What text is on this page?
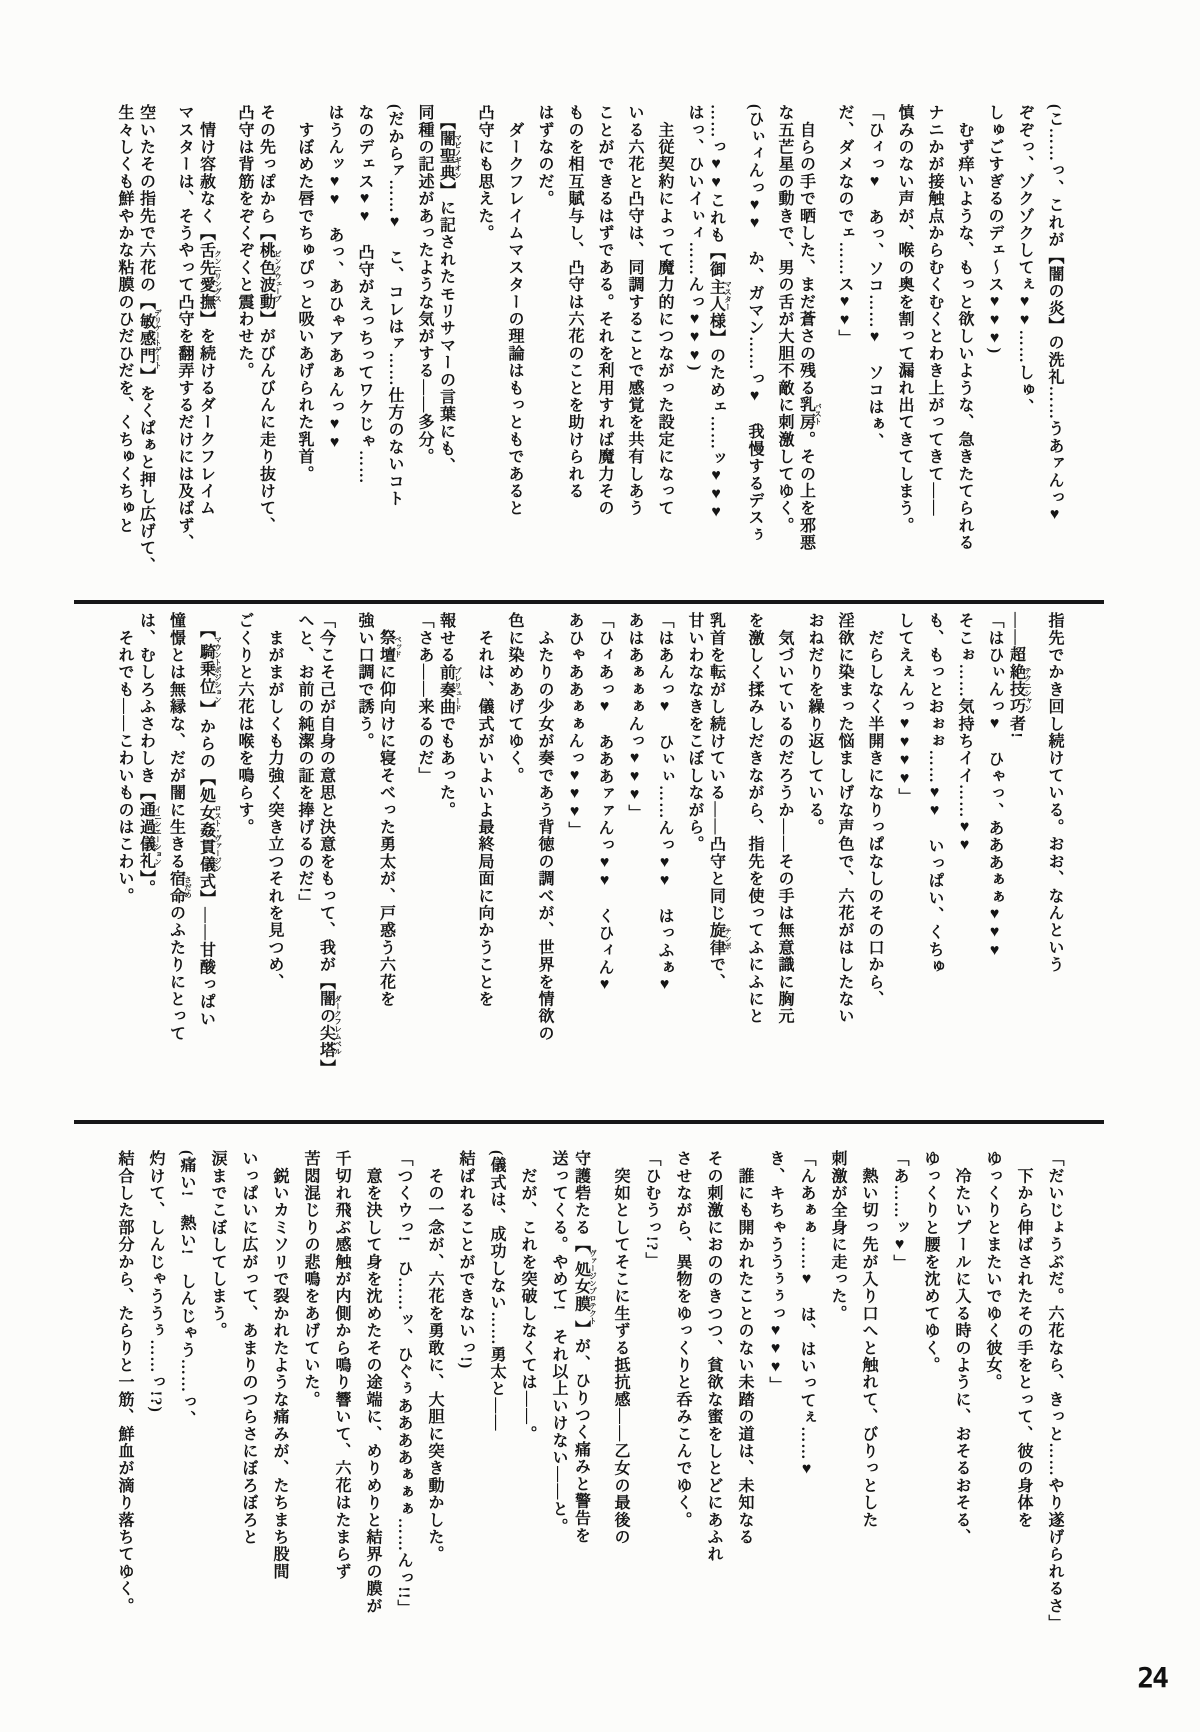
(こ……っ、これが【闇の炎】の洗礼……うあァんっ♥
ぞぞっ、ゾクゾクしてぇ♥♥……しゅ、
しゅごすぎるのデェ〜ス♥♥♥)
　むず痒いような、もっと欲しいような、急きたてられる
ナニかが接触点からむくむくとわき上がってきて――
慎みのない声が、喉の奥を割って漏れ出てきてしまう。
「ひィっ♥　あっ、ソコ……♥　ソコはぁ、
だ、ダメなのでェ……ス♥♥」
　自らの手で晒した、まだ蒼さの残る乳房 バスト。その上を邪悪
な五芒星の動きで、男の舌が大胆不敵に刺激してゆく。
(ひぃィんっ♥♥　か、ガマン……っ♥　我慢するデスぅ
……っ♥♥これも【御主人様 マスター】のためェ……ッ♥♥♥
はっ、ひいイぃィ……んっ♥♥♥)
　主従契約によって魔力的につながった設定になって
いる六花と凸守は、同調することで感覚を共有しあう
ことができるはずである。それを利用すれば魔力その
ものを相互賦与し、凸守は六花のことを助けられる
はずなのだ。
　ダークフレイムマスターの理論はもっともであると
凸守にも思えた。
　【闇聖典 マビノギオン】に記されたモリサマーの言葉にも、
同種の記述があったような気がする――多分。
(だからァ……♥　こ、コレはァ……仕方のないコト
なのデェス♥♥　凸守がえっちってワケじゃ……
はうんッ♥♥　あっ、あひゃアあぁんっ♥♥
　すぼめた唇でちゅぴっと吸いあげられた乳首。
その先っぽから【桃色波動 ピンクウェーブ】がびんびんに走り抜けて、
凸守は背筋をぞくぞくと震わせた。
　情け容赦なく【舌先愛撫 クンニリングス】を続けるダークフレイム
マスターは、そうやって凸守を翻弄するだけには及ばず、
空いたその指先で六花の【敏感門 デリケートゲート】をくぱぁと押し広げて、
生々しくも鮮やかな粘膜のひだひだを、くちゅくちゅと
指先でかき回し続けている。おお、なんという
――超絶技巧者 テクニシャン!
「はひぃんっ♥　ひゃっ、あああぁぁ♥♥♥
そこぉ……気持ちイイ……♥♥
も、もっとおぉぉ……♥♥　いっぱい、くちゅ
してえぇんっ♥♥♥♥」
　だらしなく半開きになりっぱなしのその口から、
淫欲に染まった悩ましげな声色で、六花がはしたない
おねだりを繰り返している。
　気づいているのだろうか――その手は無意識に胸元
を激しく揉みしだきながら、指先を使ってふにふにと
乳首を転がし続けている――凸守と同じ旋律 テンポで、
甘いわななきをこぼしながら。
「はあんっ♥　ひぃぃ……んっ♥♥　はっふぁ♥
あはあぁぁぁんっ♥♥♥」
「ひィあっ♥　あああァァんっ♥♥　くひィん♥
あひゃああぁぁんっ♥♥♥」
　ふたりの少女が奏であう背徳の調べが、世界を情欲の
色に染めあげてゆく。
　それは、儀式がいよいよ最終局面に向かうことを
報せる前奏曲 プレリュードでもあった。
「さあ――来るのだ」
　祭壇 ベッドに仰向けに寝そべった勇太が、戸惑う六花を
強い口調で誘う。
「今こそ己が自身の意思と決意をもって、我が【闇の尖塔 ダークフレムベル】
へと、お前の純潔の証を捧げるのだ!」
　まがまがしくも力強く突き立つそれを見つめ、
ごくりと六花は喉を鳴らす。
　【騎乗位 マウントポジション】からの【処女姦貫儀式 ロスト・ヴァージン】――甘酸っぱい
憧憬とは無縁な、だが闇に生きる宿命 さだめのふたりにとって
は、むしろふさわしき【通過儀礼 イニシエーション】。
　それでも――こわいものはこわい。
「だいじょうぶだ。六花なら、きっと……やり遂げられるさ」
　下から伸ばされたその手をとって、彼の身体を
ゆっくりとまたいでゆく彼女。
　冷たいプールに入る時のように、おそるおそる、
ゆっくりと腰を沈めてゆく。
「あ……ッ♥」
　熱い切っ先が入り口へと触れて、びりっとした
刺激が全身に走った。
「んあぁぁ……♥　は、はいってぇ……♥
き、キちゃううぅぅっ♥♥♥」
　誰にも開かれたことのない未踏の道は、未知なる
その刺激におののきつつ、貧欲な蜜をしとどにあふれ
させながら、異物をゆっくりと呑みこんでゆく。
「ひむうっ!?」
　突如としてそこに生ずる抵抗感――乙女の最後の
守護砦たる【処女膜 ヴァージンプロテクト】が、ひりつく痛みと警告を
送ってくる。やめて!　それ以上いけない――と。
　だが、これを突破しなくては――。
(儀式は、成功しない……勇太と――
結ばれることができないっ!)
　その一念が、六花を勇敢に、大胆に突き動かした。
「つくウっ!　ひ……ッ、ひぐぅああああぁぁぁ……んっ!!」
　意を決して身を沈めたその途端に、めりめりと結界の膜が
千切れ飛ぶ感触が内側から鳴り響いて、六花はたまらず
苦悶混じりの悲鳴をあげていた。
　鋭いカミソリで裂かれたような痛みが、たちまち股間
いっぱいに広がって、あまりのつらさにぼろぼろと
涙までこぼしてしまう。
(痛い!　熱い!　しんじゃう……っ、
灼けて、しんじゃううぅ……っ!?)
結合した部分から、たらりと一筋、鮮血が滴り落ちてゆく。
24
